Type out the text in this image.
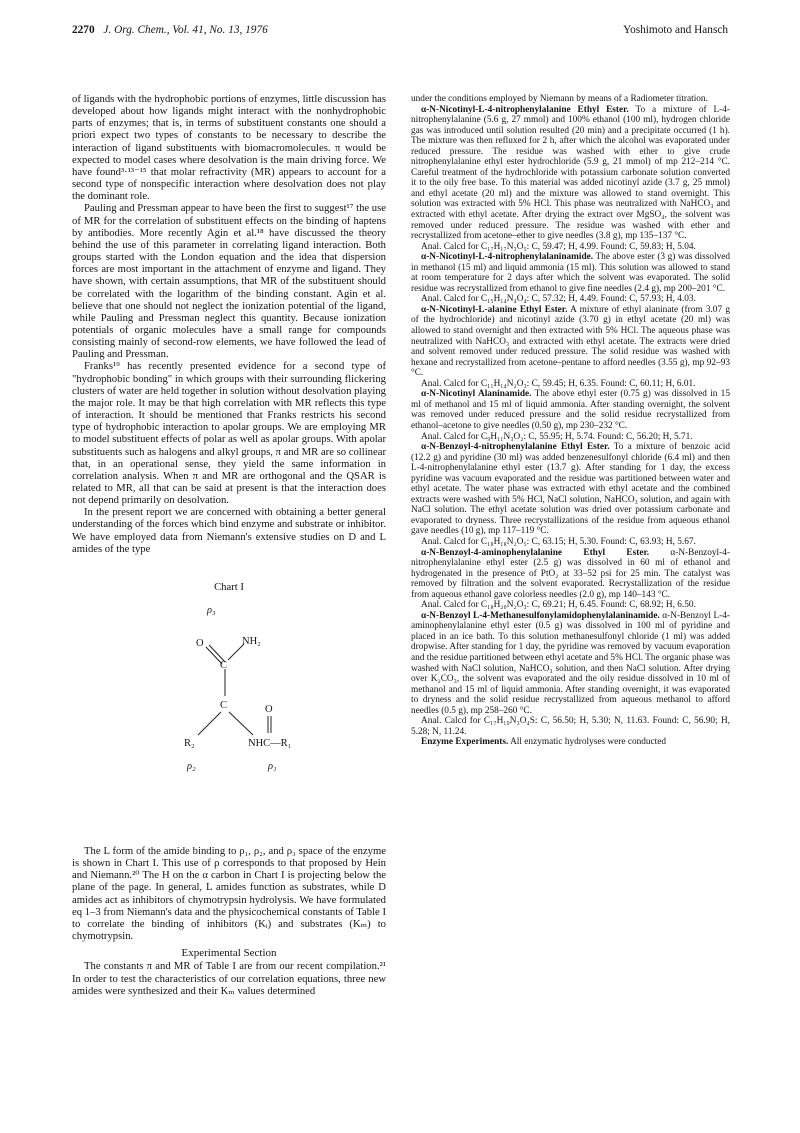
2270 J. Org. Chem., Vol. 41, No. 13, 1976	Yoshimoto and Hansch

of ligands with the hydrophobic portions of enzymes, little discussion has developed about how ligands might interact with the nonhydrophobic parts of enzymes; that is, in terms of substituent constants one should a priori expect two types of constants to be necessary to describe the interaction of ligand substituents with biomacromolecules. π would be expected to model cases where desolvation is the main driving force. We have found³·¹³⁻¹⁵ that molar refractivity (MR) appears to account for a second type of nonspecific interaction where desolvation does not play the dominant role.

Pauling and Pressman appear to have been the first to suggest¹⁷ the use of MR for the correlation of substituent effects on the binding of haptens by antibodies. More recently Agin et al.¹⁸ have discussed the theory behind the use of this parameter in correlating ligand interaction. Both groups started with the London equation and the idea that dispersion forces are most important in the attachment of enzyme and ligand. They have shown, with certain assumptions, that MR of the substituent should be correlated with the logarithm of the binding constant. Agin et al. believe that one should not neglect the ionization potential of the ligand, while Pauling and Pressman neglect this quantity. Because ionization potentials of organic molecules have a small range for compounds consisting mainly of second-row elements, we have followed the lead of Pauling and Pressman.

Franks¹⁹ has recently presented evidence for a second type of "hydrophobic bonding" in which groups with their surrounding flickering clusters of water are held together in solution without desolvation playing the major role. It may be that high correlation with MR reflects this type of interaction. It should be mentioned that Franks restricts his second type of hydrophobic interaction to apolar groups. We are employing MR to model substituent effects of polar as well as apolar groups. With apolar substituents such as halogens and alkyl groups, π and MR are so collinear that, in an operational sense, they yield the same information in correlation analysis. When π and MR are orthogonal and the QSAR is related to MR, all that can be said at present is that the interaction does not depend primarily on desolvation.

In the present report we are concerned with obtaining a better general understanding of the forces which bind enzyme and substrate or inhibitor. We have employed data from Niemann's extensive studies on D and L amides of the type

Chart I
ρ₃
O	NH₂
C
C	O
R₂	NHC—R₁
ρ₂	ρ₁

The L form of the amide binding to ρ₁, ρ₂, and ρ₃ space of the enzyme is shown in Chart I. This use of ρ corresponds to that proposed by Hein and Niemann.²⁰ The H on the α carbon in Chart I is projecting below the plane of the page. In general, L amides function as substrates, while D amides act as inhibitors of chymotrypsin hydrolysis. We have formulated eq 1–3 from Niemann's data and the physicochemical constants of Table I to correlate the binding of inhibitors (Kᵢ) and substrates (Kₘ) to chymotrypsin.

Experimental Section

The constants π and MR of Table I are from our recent compilation.²¹ In order to test the characteristics of our correlation equations, three new amides were synthesized and their Kₘ values determined

under the conditions employed by Niemann by means of a Radiometer titration.

α-N-Nicotinyl-L-4-nitrophenylalanine Ethyl Ester. To a mixture of L-4-nitrophenylalanine (5.6 g, 27 mmol) and 100% ethanol (100 ml), hydrogen chloride gas was introduced until solution resulted (20 min) and a precipitate occurred (1 h). The mixture was then refluxed for 2 h, after which the alcohol was evaporated under reduced pressure. The residue was washed with ether to give crude nitrophenylalanine ethyl ester hydrochloride (5.9 g, 21 mmol) of mp 212–214 °C. Careful treatment of the hydrochloride with potassium carbonate solution converted it to the oily free base. To this material was added nicotinyl azide (3.7 g, 25 mmol) and ethyl acetate (20 ml) and the mixture was allowed to stand overnight. This solution was extracted with 5% HCl. This phase was neutralized with NaHCO₃ and extracted with ethyl acetate. After drying the extract over MgSO₄, the solvent was removed under reduced pressure. The residue was washed with ether and recrystallized from acetone–ether to give needles (3.8 g), mp 135–137 °C.

Anal. Calcd for C₁₇H₁₇N₃O₅: C, 59.47; H, 4.99. Found: C, 59.83; H, 5.04.

α-N-Nicotinyl-L-4-nitrophenylalaninamide. The above ester (3 g) was dissolved in methanol (15 ml) and liquid ammonia (15 ml). This solution was allowed to stand at room temperature for 2 days after which the solvent was evaporated. The solid residue was recrystallized from ethanol to give fine needles (2.4 g), mp 200–201 °C.

Anal. Calcd for C₁₅H₁₄N₄O₄: C, 57.32; H, 4.49. Found: C, 57.93; H, 4.03.

α-N-Nicotinyl-L-alanine Ethyl Ester. A mixture of ethyl alaninate (from 3.07 g of the hydrochloride) and nicotinyl azide (3.70 g) in ethyl acetate (20 ml) was allowed to stand overnight and then extracted with 5% HCl. The aqueous phase was neutralized with NaHCO₃ and extracted with ethyl acetate. The extracts were dried and solvent removed under reduced pressure. The solid residue was washed with hexane and recrystallized from acetone–pentane to afford needles (3.55 g), mp 92–93 °C.

Anal. Calcd for C₁₁H₁₄N₂O₃: C, 59.45; H, 6.35. Found: C, 60.11; H, 6.01.

α-N-Nicotinyl Alaninamide. The above ethyl ester (0.75 g) was dissolved in 15 ml of methanol and 15 ml of liquid ammonia. After standing overnight, the solvent was removed under reduced pressure and the solid residue recrystallized from ethanol–acetone to give needles (0.50 g), mp 230–232 °C.

Anal. Calcd for C₉H₁₁N₃O₂: C, 55.95; H, 5.74. Found: C, 56.20; H, 5.71.

α-N-Benzoyl-4-nitrophenylalanine Ethyl Ester. To a mixture of benzoic acid (12.2 g) and pyridine (30 ml) was added benzenesulfonyl chloride (6.4 ml) and then L-4-nitrophenylalanine ethyl ester (13.7 g). After standing for 1 day, the excess pyridine was vacuum evaporated and the residue was partitioned between water and ethyl acetate. The water phase was extracted with ethyl acetate and the combined extracts were washed with 5% HCl, NaCl solution, NaHCO₃ solution, and again with NaCl solution. The ethyl acetate solution was dried over potassium carbonate and evaporated to dryness. Three recrystallizations of the residue from aqueous ethanol gave needles (10 g), mp 117–119 °C.

Anal. Calcd for C₁₈H₁₈N₂O₅: C, 63.15; H, 5.30. Found: C, 63.93; H, 5.67.

α-N-Benzoyl-4-aminophenylalanine Ethyl Ester. α-N-Benzoyl-4-nitrophenylalanine ethyl ester (2.5 g) was dissolved in 60 ml of ethanol and hydrogenated in the presence of PtO₂ at 33–52 psi for 25 min. The catalyst was removed by filtration and the solvent evaporated. Recrystallization of the residue from aqueous ethanol gave colorless needles (2.0 g), mp 140–143 °C.

Anal. Calcd for C₁₈H₂₀N₂O₃: C, 69.21; H, 6.45. Found: C, 68.92; H, 6.50.

α-N-Benzoyl L-4-Methanesulfonylamidophenylalaninamide. α-N-Benzoyl L-4-aminophenylalanine ethyl ester (0.5 g) was dissolved in 100 ml of pyridine and placed in an ice bath. To this solution methanesulfonyl chloride (1 ml) was added dropwise. After standing for 1 day, the pyridine was removed by vacuum evaporation and the residue partitioned between ethyl acetate and 5% HCl. The organic phase was washed with NaCl solution, NaHCO₃ solution, and then NaCl solution. After drying over K₂CO₃, the solvent was evaporated and the oily residue dissolved in 10 ml of methanol and 15 ml of liquid ammonia. After standing overnight, it was evaporated to dryness and the solid residue recrystallized from aqueous methanol to afford needles (0.5 g), mp 258–260 °C.

Anal. Calcd for C₁₇H₁₉N₃O₄S: C, 56.50; H, 5.30; N, 11.63. Found: C, 56.90; H, 5.28; N, 11.24.

Enzyme Experiments. All enzymatic hydrolyses were conducted
